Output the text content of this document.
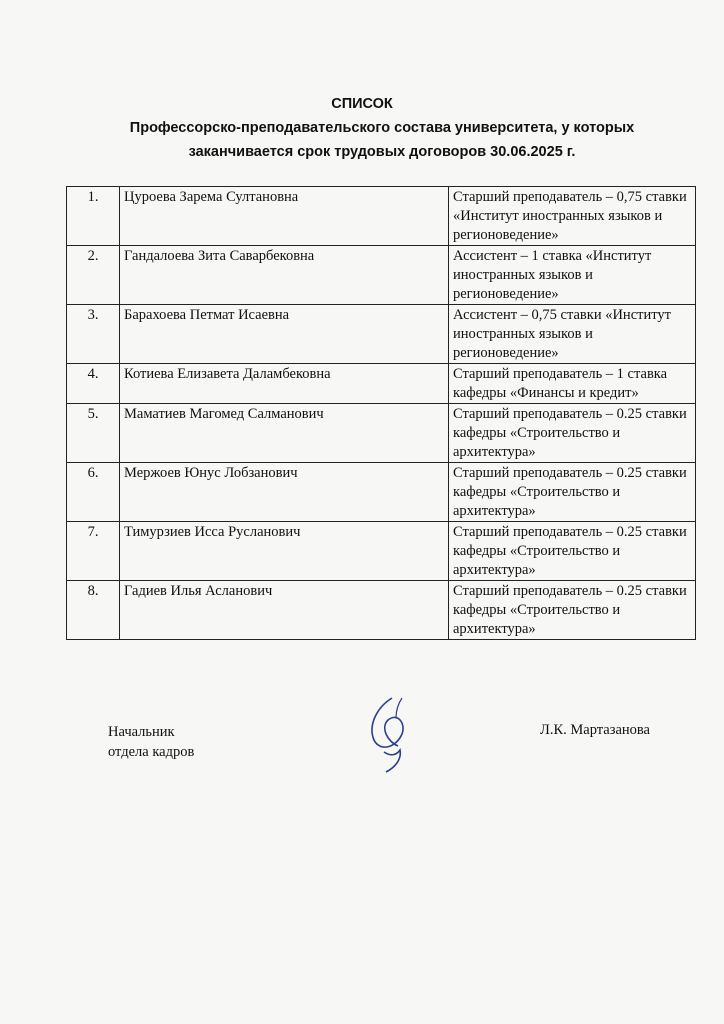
СПИСОК
Профессорско-преподавательского состава университета, у которых
заканчивается срок трудовых договоров 30.06.2025 г.
1.	Цуроева Зарема Султановна	Старший преподаватель – 0,75 ставки «Институт иностранных языков и регионоведение»
2.	Гандалоева Зита Саварбековна	Ассистент – 1 ставка «Институт иностранных языков и регионоведение»
3.	Барахоева Петмат Исаевна	Ассистент – 0,75 ставки «Институт иностранных языков и регионоведение»
4.	Котиева Елизавета Даламбековна	Старший преподаватель – 1 ставка кафедры «Финансы и кредит»
5.	Маматиев Магомед Салманович	Старший преподаватель – 0.25 ставки кафедры «Строительство и архитектура»
6.	Мержоев Юнус Лобзанович	Старший преподаватель – 0.25 ставки кафедры «Строительство и архитектура»
7.	Тимурзиев Исса Русланович	Старший преподаватель – 0.25 ставки кафедры «Строительство и архитектура»
8.	Гадиев Илья Асланович	Старший преподаватель – 0.25 ставки кафедры «Строительство и архитектура»
Начальник
отдела кадров
Л.К. Мартазанова
